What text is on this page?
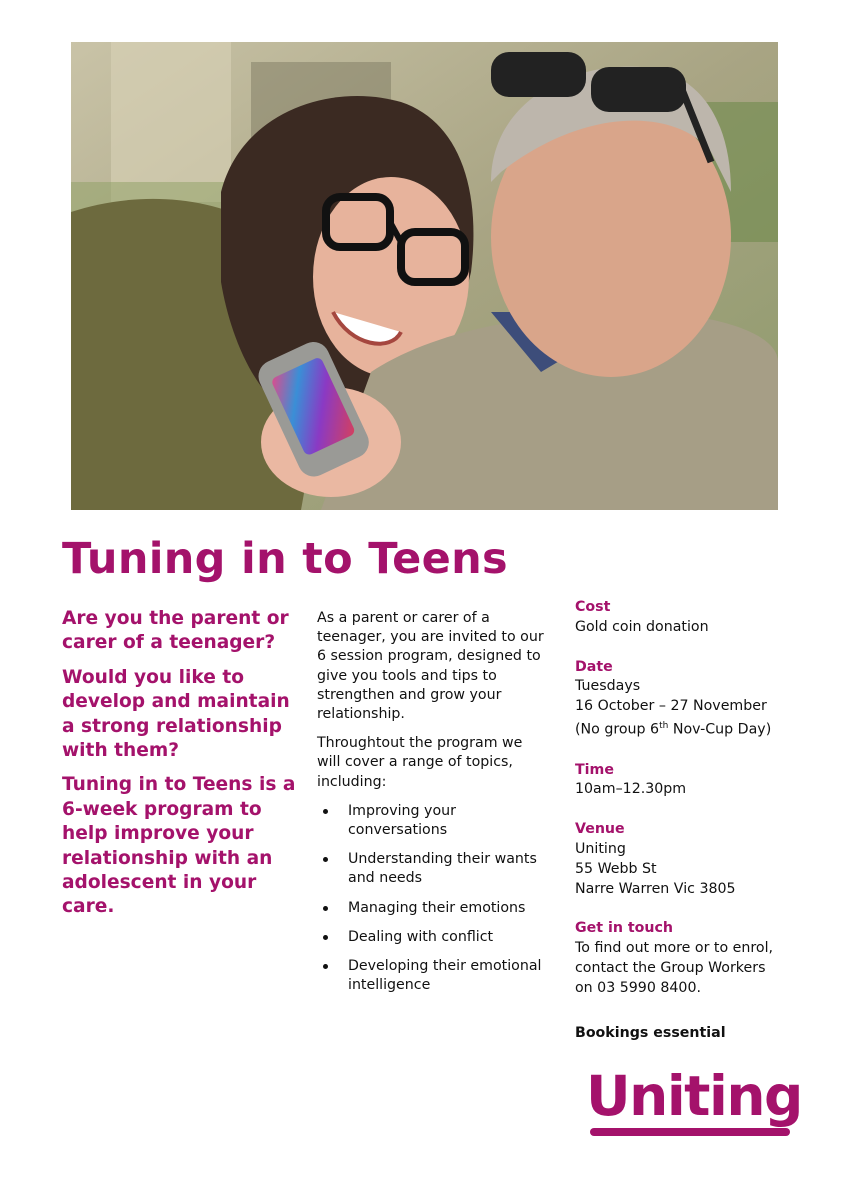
Tuning in to Teens

Are you the parent or carer of a teenager?

Would you like to develop and maintain a strong relationship with them?

Tuning in to Teens is a 6-week program to help improve your relationship with an adolescent in your care.

As a parent or carer of a teenager, you are invited to our 6 session program, designed to give you tools and tips to strengthen and grow your relationship.

Throughtout the program we will cover a range of topics, including:

Improving your conversations
Understanding their wants and needs
Managing their emotions
Dealing with conflict
Developing their emotional intelligence
Cost
Gold coin donation
Date
Tuesdays
16 October – 27 November
(No group 6th Nov-Cup Day)
Time
10am–12.30pm
Venue
Uniting
55 Webb St
Narre Warren Vic 3805
Get in touch
To find out more or to enrol,
contact the Group Workers
on 03 5990 8400.
Bookings essential
Uniting
